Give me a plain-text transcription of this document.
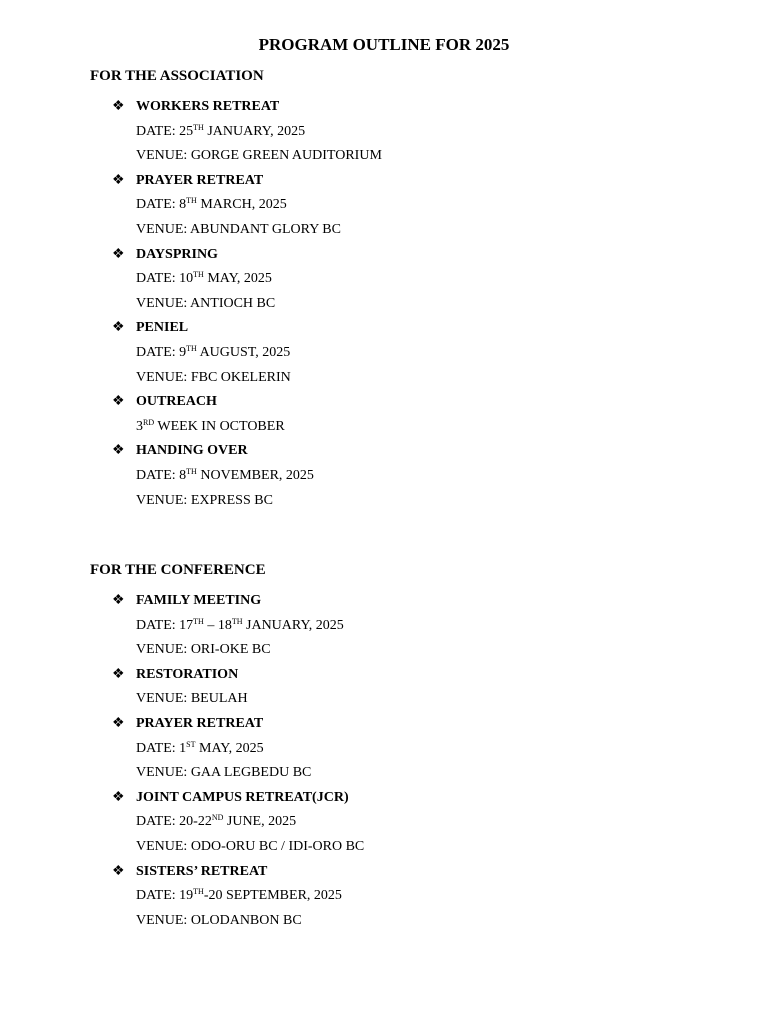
PROGRAM OUTLINE FOR 2025
FOR THE ASSOCIATION
❖ WORKERS RETREAT
DATE: 25TH JANUARY, 2025
VENUE: GORGE GREEN AUDITORIUM
❖ PRAYER RETREAT
DATE: 8TH MARCH, 2025
VENUE: ABUNDANT GLORY BC
❖ DAYSPRING
DATE: 10TH MAY, 2025
VENUE: ANTIOCH BC
❖ PENIEL
DATE: 9TH AUGUST, 2025
VENUE: FBC OKELERIN
❖ OUTREACH
3RD WEEK IN OCTOBER
❖ HANDING OVER
DATE: 8TH NOVEMBER, 2025
VENUE: EXPRESS BC
FOR THE CONFERENCE
❖ FAMILY MEETING
DATE: 17TH – 18TH JANUARY, 2025
VENUE: ORI-OKE BC
❖ RESTORATION
VENUE: BEULAH
❖ PRAYER RETREAT
DATE: 1ST MAY, 2025
VENUE: GAA LEGBEDU BC
❖ JOINT CAMPUS RETREAT(JCR)
DATE: 20-22ND JUNE, 2025
VENUE: ODO-ORU BC / IDI-ORO BC
❖ SISTERS’ RETREAT
DATE: 19TH-20 SEPTEMBER, 2025
VENUE: OLODANBON BC
